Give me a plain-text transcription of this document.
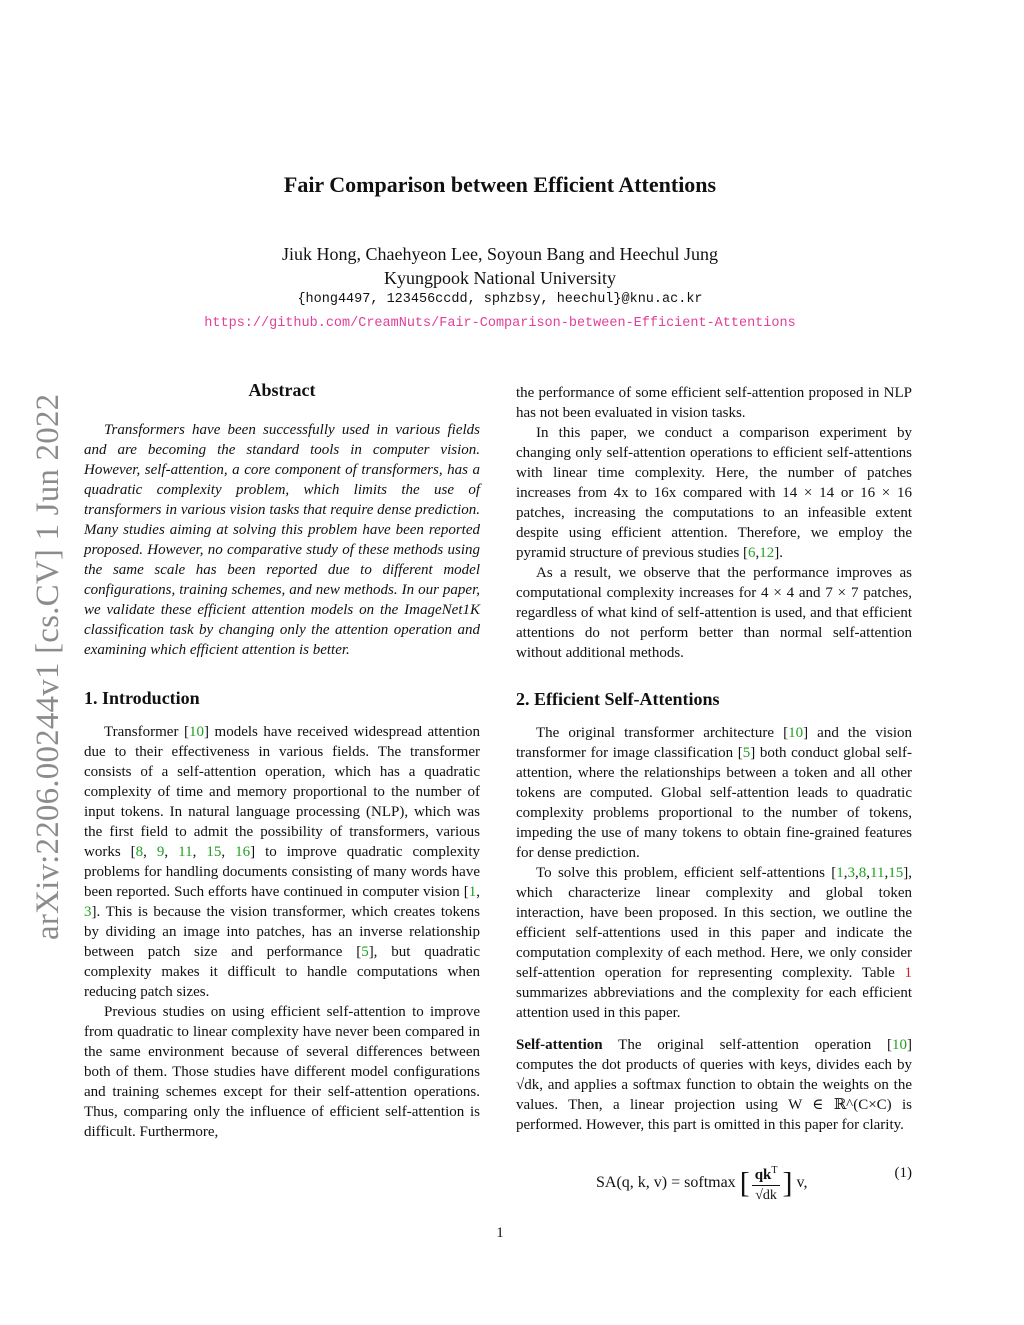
arXiv:2206.00244v1 [cs.CV] 1 Jun 2022
Fair Comparison between Efficient Attentions
Jiuk Hong, Chaehyeon Lee, Soyoun Bang and Heechul Jung
Kyungpook National University
{hong4497, 123456ccdd, sphzbsy, heechul}@knu.ac.kr
https://github.com/CreamNuts/Fair-Comparison-between-Efficient-Attentions
Abstract

Transformers have been successfully used in various fields and are becoming the standard tools in computer vision. However, self-attention, a core component of transformers, has a quadratic complexity problem, which limits the use of transformers in various vision tasks that require dense prediction. Many studies aiming at solving this problem have been reported proposed. However, no comparative study of these methods using the same scale has been reported due to different model configurations, training schemes, and new methods. In our paper, we validate these efficient attention models on the ImageNet1K classification task by changing only the attention operation and examining which efficient attention is better.

1. Introduction

Transformer [10] models have received widespread attention due to their effectiveness in various fields. The transformer consists of a self-attention operation, which has a quadratic complexity of time and memory proportional to the number of input tokens. In natural language processing (NLP), which was the first field to admit the possibility of transformers, various works [8, 9, 11, 15, 16] to improve quadratic complexity problems for handling documents consisting of many words have been reported. Such efforts have continued in computer vision [1, 3]. This is because the vision transformer, which creates tokens by dividing an image into patches, has an inverse relationship between patch size and performance [5], but quadratic complexity makes it difficult to handle computations when reducing patch sizes.

Previous studies on using efficient self-attention to improve from quadratic to linear complexity have never been compared in the same environment because of several differences between both of them. Those studies have different model configurations and training schemes except for their self-attention operations. Thus, comparing only the influence of efficient self-attention is difficult. Furthermore,

the performance of some efficient self-attention proposed in NLP has not been evaluated in vision tasks.

In this paper, we conduct a comparison experiment by changing only self-attention operations to efficient self-attentions with linear time complexity. Here, the number of patches increases from 4x to 16x compared with 14 × 14 or 16 × 16 patches, increasing the computations to an infeasible extent despite using efficient attention. Therefore, we employ the pyramid structure of previous studies [6,12].

As a result, we observe that the performance improves as computational complexity increases for 4 × 4 and 7 × 7 patches, regardless of what kind of self-attention is used, and that efficient attentions do not perform better than normal self-attention without additional methods.

2. Efficient Self-Attentions

The original transformer architecture [10] and the vision transformer for image classification [5] both conduct global self-attention, where the relationships between a token and all other tokens are computed. Global self-attention leads to quadratic complexity problems proportional to the number of tokens, impeding the use of many tokens to obtain fine-grained features for dense prediction.

To solve this problem, efficient self-attentions [1,3,8,11,15], which characterize linear complexity and global token interaction, have been proposed. In this section, we outline the efficient self-attentions used in this paper and indicate the computation complexity of each method. Here, we only consider self-attention operation for representing complexity. Table 1 summarizes abbreviations and the complexity for each efficient attention used in this paper.

Self-attention The original self-attention operation [10] computes the dot products of queries with keys, divides each by √dk, and applies a softmax function to obtain the weights on the values. Then, a linear projection using W ∈ ℝ^(C×C) is performed. However, this part is omitted in this paper for clarity.

SA(q, k, v) = softmax [ $\frac{qk^T}{√dk}$ ] v,
(1)
1
